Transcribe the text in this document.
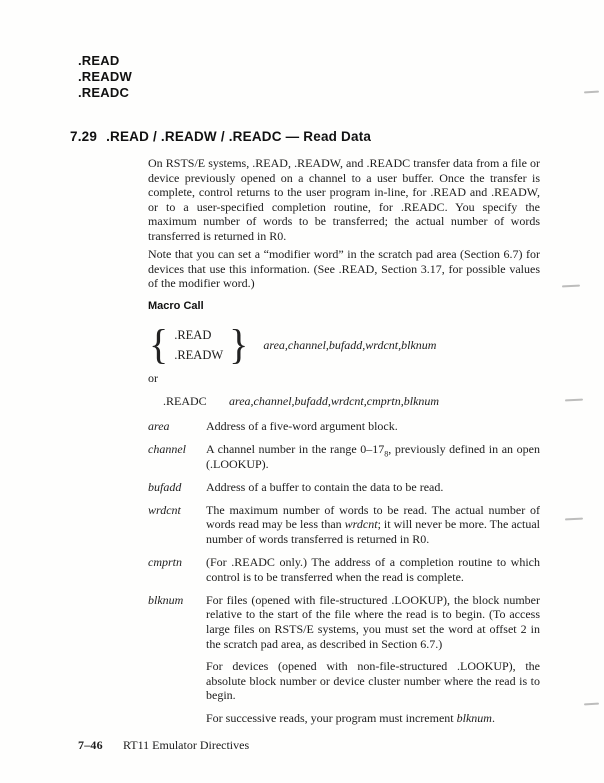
.READ
.READW
.READC
7.29 .READ / .READW / .READC — Read Data

On RSTS/E systems, .READ, .READW, and .READC transfer data from a file or device previously opened on a channel to a user buffer. Once the transfer is complete, control returns to the user program in-line, for .READ and .READW, or to a user-specified completion routine, for .READC. You specify the maximum number of words to be transferred; the actual number of words transferred is returned in R0.

Note that you can set a “modifier word” in the scratch pad area (Section 6.7) for devices that use this information. (See .READ, Section 3.17, for possible values of the modifier word.)

Macro Call
{ .READ
.READW } area,channel,bufadd,wrdcnt,blknum
or
.READC area,channel,bufadd,wrdcnt,cmprtn,blknum
area	Address of a five-word argument block.

channel	A channel number in the range $0-17_8$, previously defined in an open (.LOOKUP).

bufadd	Address of a buffer to contain the data to be read.

wrdcnt	The maximum number of words to be read. The actual number of words read may be less than wrdcnt; it will never be more. The actual number of words transferred is returned in R0.

cmprtn	(For .READC only.) The address of a completion routine to which control is to be transferred when the read is complete.

blknum	For files (opened with file-structured .LOOKUP), the block number relative to the start of the file where the read is to begin. (To access large files on RSTS/E systems, you must set the word at offset 2 in the scratch pad area, as described in Section 6.7.)

For devices (opened with non-file-structured .LOOKUP), the absolute block number or device cluster number where the read is to begin.

For successive reads, your program must increment blknum.

7–46 RT11 Emulator Directives
